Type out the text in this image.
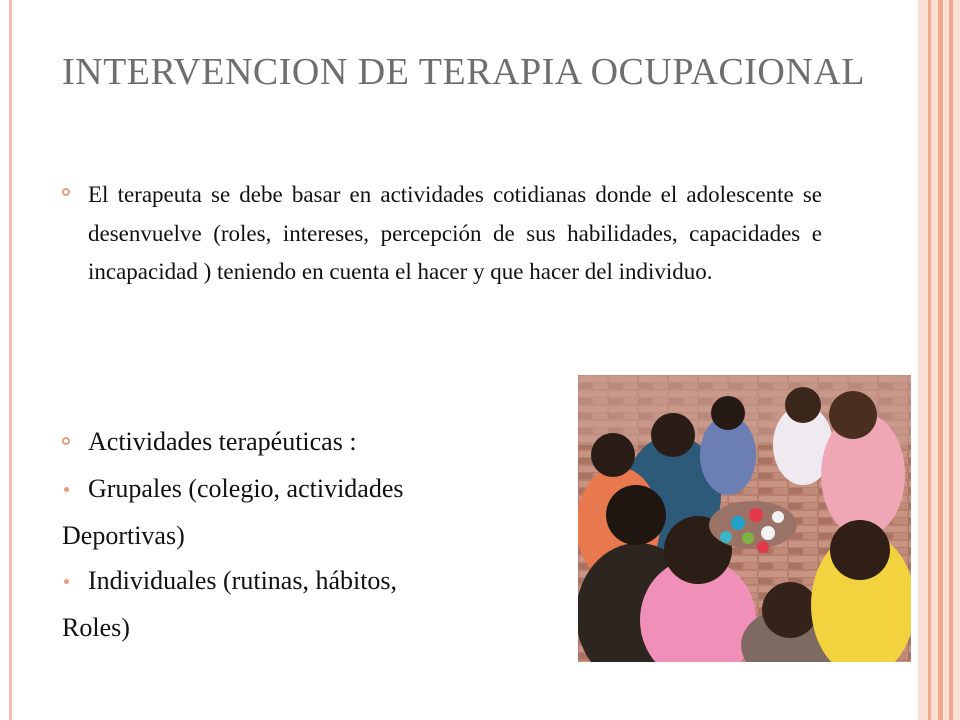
INTERVENCION DE TERAPIA OCUPACIONAL

El terapeuta se debe basar en actividades cotidianas donde el adolescente se desenvuelve (roles, intereses, percepción de sus habilidades, capacidades e incapacidad ) teniendo en cuenta el hacer y que hacer del individuo.

Actividades terapéuticas :

Grupales (colegio, actividades

Deportivas)

Individuales (rutinas, hábitos,

Roles)
